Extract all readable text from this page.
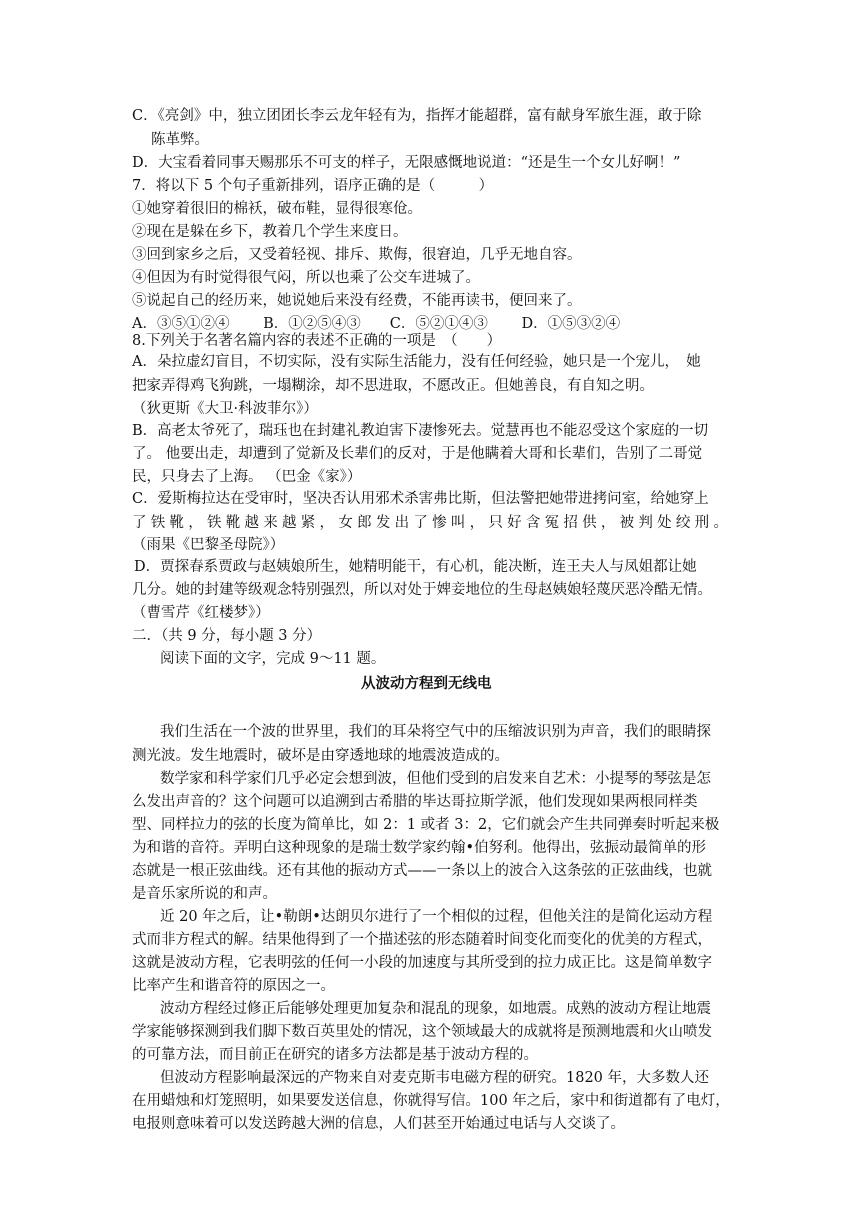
C．《亮剑》中，独立团团长李云龙年轻有为，指挥才能超群，富有献身军旅生涯，敢于除
陈革弊。
D．大宝看着同事天赐那乐不可支的样子，无限感慨地说道：“还是生一个女儿好啊！”
7．将以下 5 个句子重新排列，语序正确的是（　　　）
①她穿着很旧的棉袄，破布鞋，显得很寒伧。
②现在是躲在乡下，教着几个学生来度日。
③回到家乡之后，又受着轻视、排斥、欺侮，很窘迫，几乎无地自容。
④但因为有时觉得很气闷，所以也乘了公交车进城了。
⑤说起自己的经历来，她说她后来没有经费，不能再读书，便回来了。
A．③⑤①②④　　 B．①②⑤④③　　C．⑤②①④③　　 D．①⑤③②④
8.下列关于名著名篇内容的表述不正确的一项是　（　　）
A．朵拉虚幻盲目，不切实际，没有实际生活能力，没有任何经验，她只是一个宠儿，　她
把家弄得鸡飞狗跳，一塌糊涂，却不思进取，不愿改正。但她善良，有自知之明。
（狄更斯《大卫·科波菲尔》）
B．高老太爷死了，瑞珏也在封建礼教迫害下凄惨死去。觉慧再也不能忍受这个家庭的一切
了。 他要出走，却遭到了觉新及长辈们的反对，于是他瞒着大哥和长辈们，告别了二哥觉
民，只身去了上海。 （巴金《家》）
C．爱斯梅拉达在受审时，坚决否认用邪术杀害弗比斯，但法警把她带进拷问室，给她穿上
了铁靴，铁靴越来越紧，女郎发出了惨叫，只好含冤招供，被判处绞刑。
（雨果《巴黎圣母院》）
D．贾探春系贾政与赵姨娘所生，她精明能干，有心机，能决断，连王夫人与凤姐都让她
几分。她的封建等级观念特别强烈，所以对处于婢妾地位的生母赵姨娘轻蔑厌恶冷酷无情。
（曹雪芹《红楼梦》）
二．（共 9 分，每小题 3 分）
阅读下面的文字，完成 9～11 题。
从波动方程到无线电
我们生活在一个波的世界里，我们的耳朵将空气中的压缩波识别为声音，我们的眼睛探
测光波。发生地震时，破坏是由穿透地球的地震波造成的。
数学家和科学家们几乎必定会想到波，但他们受到的启发来自艺术：小提琴的琴弦是怎
么发出声音的？这个问题可以追溯到古希腊的毕达哥拉斯学派，他们发现如果两根同样类
型、同样拉力的弦的长度为简单比，如 2：1 或者 3：2，它们就会产生共同弹奏时听起来极
为和谐的音符。弄明白这种现象的是瑞士数学家约翰•伯努利。他得出，弦振动最简单的形
态就是一根正弦曲线。还有其他的振动方式——一条以上的波合入这条弦的正弦曲线，也就
是音乐家所说的和声。
近 20 年之后，让•勒朗•达朗贝尔进行了一个相似的过程，但他关注的是简化运动方程
式而非方程式的解。结果他得到了一个描述弦的形态随着时间变化而变化的优美的方程式，
这就是波动方程，它表明弦的任何一小段的加速度与其所受到的拉力成正比。这是简单数字
比率产生和谐音符的原因之一。
波动方程经过修正后能够处理更加复杂和混乱的现象，如地震。成熟的波动方程让地震
学家能够探测到我们脚下数百英里处的情况，这个领域最大的成就将是预测地震和火山喷发
的可靠方法，而目前正在研究的诸多方法都是基于波动方程的。
但波动方程影响最深远的产物来自对麦克斯韦电磁方程的研究。1820 年，大多数人还
在用蜡烛和灯笼照明，如果要发送信息，你就得写信。100 年之后，家中和街道都有了电灯，
电报则意味着可以发送跨越大洲的信息，人们甚至开始通过电话与人交谈了。
